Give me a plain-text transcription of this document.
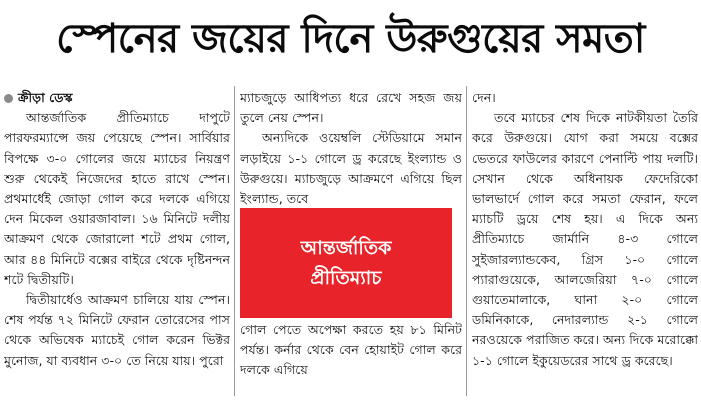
স্পেনের জয়ের দিনে উরুগুয়ের সমতা
ক্রীড়া ডেস্ক

আন্তর্জাতিক প্রীতিম্যাচে দাপুটে পারফরম্যান্সে জয় পেয়েছে স্পেন। সার্বিয়ার বিপক্ষে ৩-০ গোলের জয়ে ম্যাচের নিয়ন্ত্রণ শুরু থেকেই নিজেদের হাতে রাখে স্পেন। প্রথমার্ধেই জোড়া গোল করে দলকে এগিয়ে দেন মিকেল ওয়ারজাবাল। ১৬ মিনিটে দলীয় আক্রমণ থেকে জোরালো শটে প্রথম গোল, আর ৪৪ মিনিটে বক্সের বাইরে থেকে দৃষ্টিনন্দন শটে দ্বিতীয়টি।

দ্বিতীয়ার্ধেও আক্রমণ চালিয়ে যায় স্পেন। শেষ পর্যন্ত ৭২ মিনিটে ফেরান তোরেসের পাস থেকে অভিষেক ম্যাচেই গোল করেন ভিক্টর মুনোজ, যা ব্যবধান ৩-০ তে নিয়ে যায়। পুরো

ম্যাচজুড়ে আধিপত্য ধরে রেখে সহজ জয় তুলে নেয় স্পেন।

অন্যদিকে ওয়েম্বলি স্টেডিয়ামে সমান লড়াইয়ে ১-১ গোলে ড্র করেছে ইংল্যান্ড ও উরুগুয়ে। ম্যাচজুড়ে আক্রমণে এগিয়ে ছিল ইংল্যান্ড, তবে

আন্তর্জাতিক
প্রীতিম্যাচ

গোল পেতে অপেক্ষা করতে হয় ৮১ মিনিট পর্যন্ত। কর্নার থেকে বেন হোয়াইট গোল করে দলকে এগিয়ে

দেন।

তবে ম্যাচের শেষ দিকে নাটকীয়তা তৈরি করে উরুগুয়ে। যোগ করা সময়ে বক্সের ভেতরে ফাউলের কারণে পেনাল্টি পায় দলটি। সেখান থেকে অধিনায়ক ফেদেরিকো ভালভার্দে গোল করে সমতা ফেরান, ফলে ম্যাচটি ড্রয়ে শেষ হয়। এ দিকে অন্য প্রীতিম্যাচে জার্মানি ৪-৩ গোলে সুইজারল্যান্ডকেব, গ্রিস ১-০ গোলে প্যারাগুয়েকে, আলজেরিয়া ৭-০ গোলে গুয়াতেমালাকে, ঘানা ২-০ গোলে ডমিনিকাকে, নেদারল্যান্ড ২-১ গোলে নরওয়েকে পরাজিত করে। অন্য দিকে মরোক্কো ১-১ গোলে ইকুয়েডরের সাথে ড্র করেছে।
